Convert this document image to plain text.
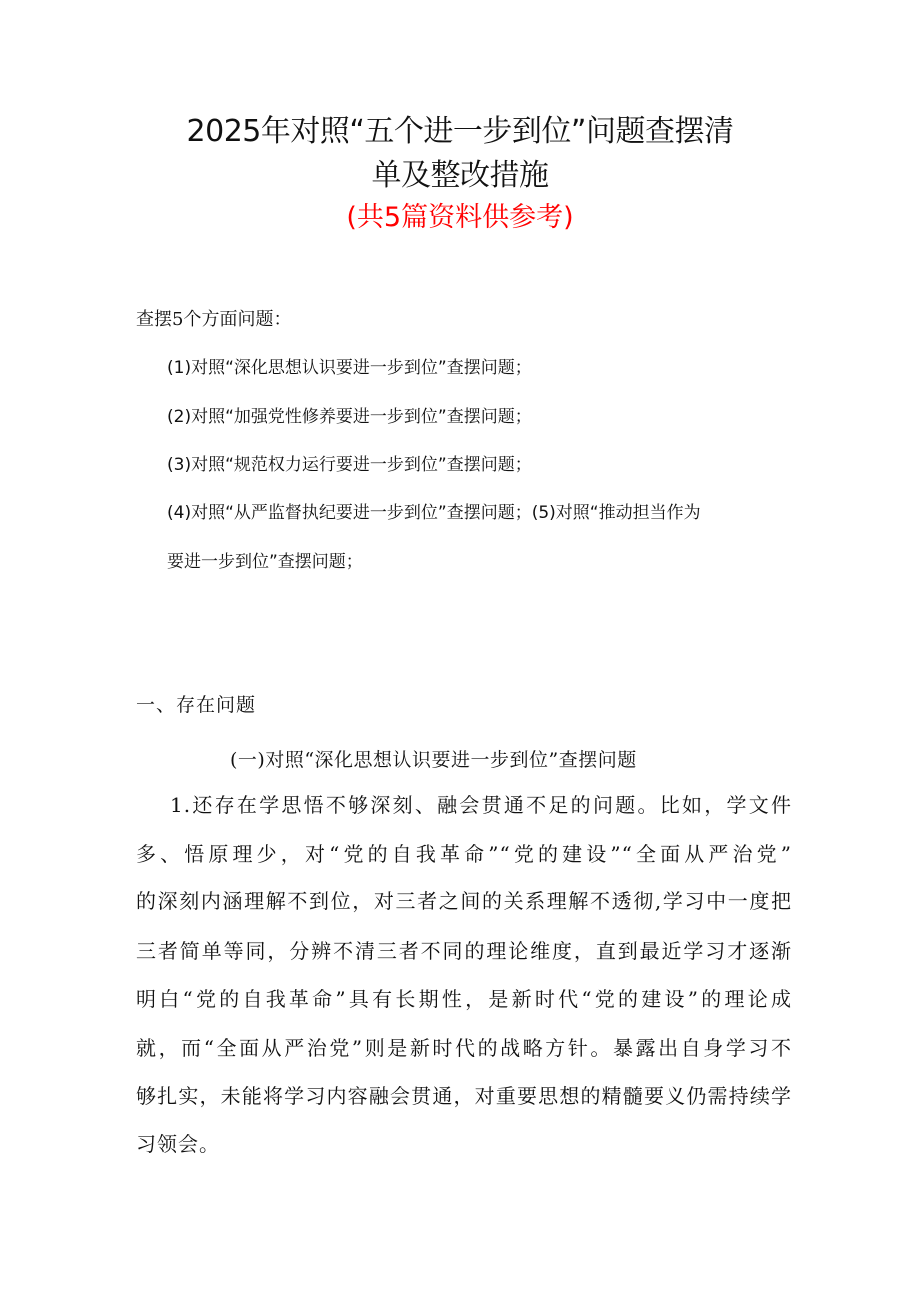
2025年对照“五个进一步到位”问题查摆清
单及整改措施
(共5篇资料供参考)
查摆5个方面问题：
(1)对照“深化思想认识要进一步到位”查摆问题；
(2)对照“加强党性修养要进一步到位”查摆问题；
(3)对照“规范权力运行要进一步到位”查摆问题；
(4)对照“从严监督执纪要进一步到位”查摆问题；(5)对照“推动担当作为
要进一步到位”查摆问题；
一、存在问题
(一)对照“深化思想认识要进一步到位”查摆问题
1.还存在学思悟不够深刻、融会贯通不足的问题。比如，学文件
多、悟原理少，对“党的自我革命”“党的建设”“全面从严治党”
的深刻内涵理解不到位，对三者之间的关系理解不透彻,学习中一度把
三者简单等同，分辨不清三者不同的理论维度，直到最近学习才逐渐
明白“党的自我革命”具有长期性，是新时代“党的建设”的理论成
就，而“全面从严治党”则是新时代的战略方针。暴露出自身学习不
够扎实，未能将学习内容融会贯通，对重要思想的精髓要义仍需持续学
习领会。
